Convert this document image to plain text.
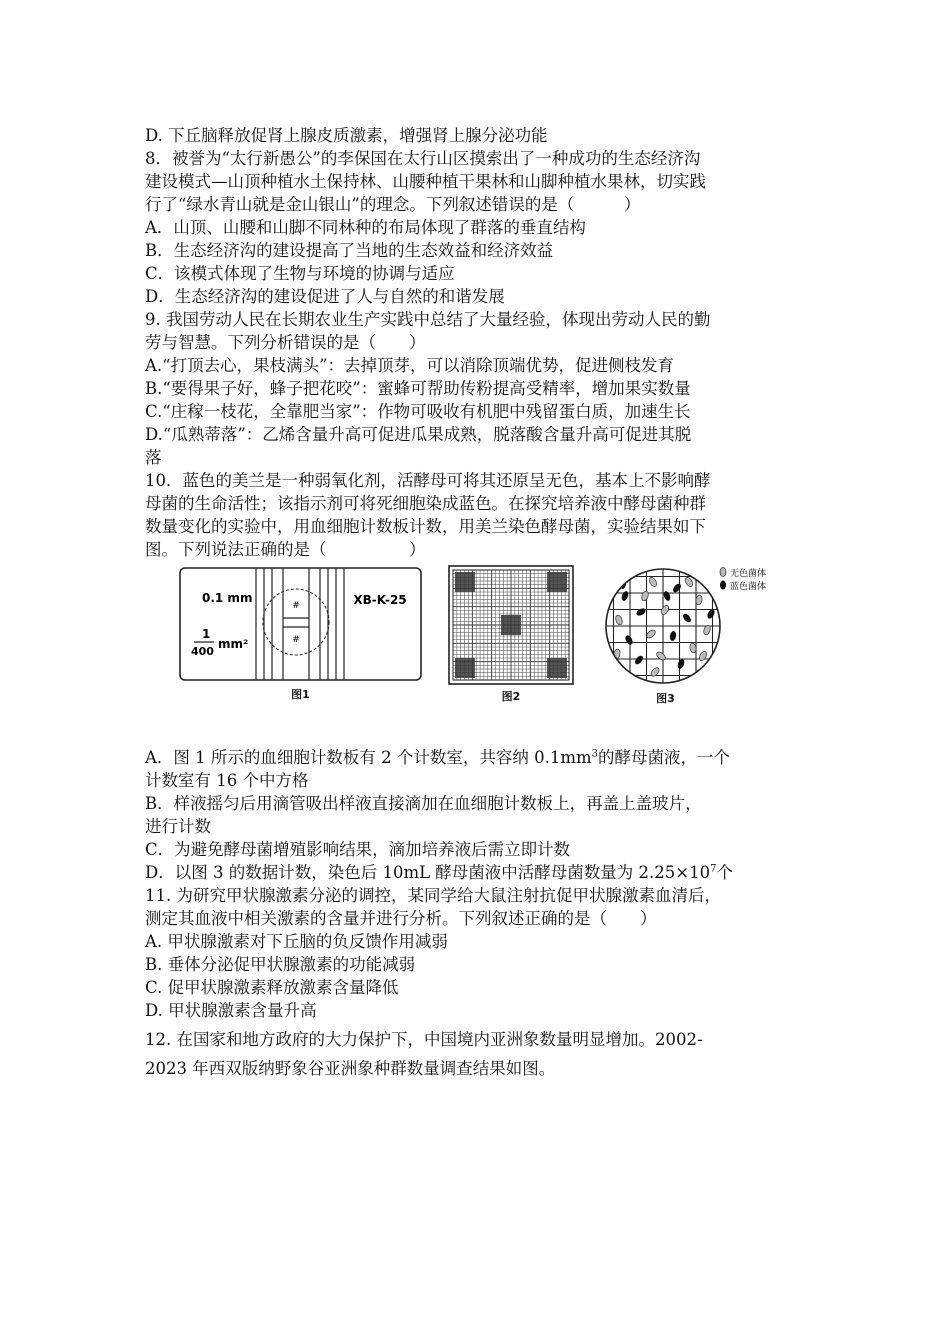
D. 下丘脑释放促肾上腺皮质激素，增强肾上腺分泌功能

8．被誉为“太行新愚公”的李保国在太行山区摸索出了一种成功的生态经济沟

建设模式—山顶种植水土保持林、山腰种植干果林和山脚种植水果林，切实践

行了“绿水青山就是金山银山”的理念。下列叙述错误的是（　　　）

A．山顶、山腰和山脚不同林种的布局体现了群落的垂直结构

B．生态经济沟的建设提高了当地的生态效益和经济效益

C．该模式体现了生物与环境的协调与适应

D．生态经济沟的建设促进了人与自然的和谐发展

9. 我国劳动人民在长期农业生产实践中总结了大量经验，体现出劳动人民的勤

劳与智慧。下列分析错误的是（　　）

A.“打顶去心，果枝满头”：去掉顶芽，可以消除顶端优势，促进侧枝发育

B.“要得果子好，蜂子把花咬”：蜜蜂可帮助传粉提高受精率，增加果实数量

C.“庄稼一枝花，全靠肥当家”：作物可吸收有机肥中残留蛋白质，加速生长

D.“瓜熟蒂落”：乙烯含量升高可促进瓜果成熟，脱落酸含量升高可促进其脱

落

10．蓝色的美兰是一种弱氧化剂，活酵母可将其还原呈无色，基本上不影响酵

母菌的生命活性；该指示剂可将死细胞染成蓝色。在探究培养液中酵母菌种群

数量变化的实验中，用血细胞计数板计数，用美兰染色酵母菌，实验结果如下

图。下列说法正确的是（　　　　　）

#
#
0.1 mm
1
400
mm²
XB-K-25
图1	图2
无色菌体
蓝色菌体
图3

A．图 1 所示的血细胞计数板有 2 个计数室，共容纳 $0.1mm^3$的酵母菌液，一个

计数室有 16 个中方格

B．样液摇匀后用滴管吸出样液直接滴加在血细胞计数板上，再盖上盖玻片，

进行计数

C．为避免酵母菌增殖影响结果，滴加培养液后需立即计数

D．以图 3 的数据计数，染色后 10mL 酵母菌液中活酵母菌数量为 $2.25\times 10^7$个

11. 为研究甲状腺激素分泌的调控，某同学给大鼠注射抗促甲状腺激素血清后，

测定其血液中相关激素的含量并进行分析。下列叙述正确的是（　　）

A. 甲状腺激素对下丘脑的负反馈作用减弱

B. 垂体分泌促甲状腺激素的功能减弱

C. 促甲状腺激素释放激素含量降低

D. 甲状腺激素含量升高

12. 在国家和地方政府的大力保护下，中国境内亚洲象数量明显增加。2002-

2023 年西双版纳野象谷亚洲象种群数量调查结果如图。
